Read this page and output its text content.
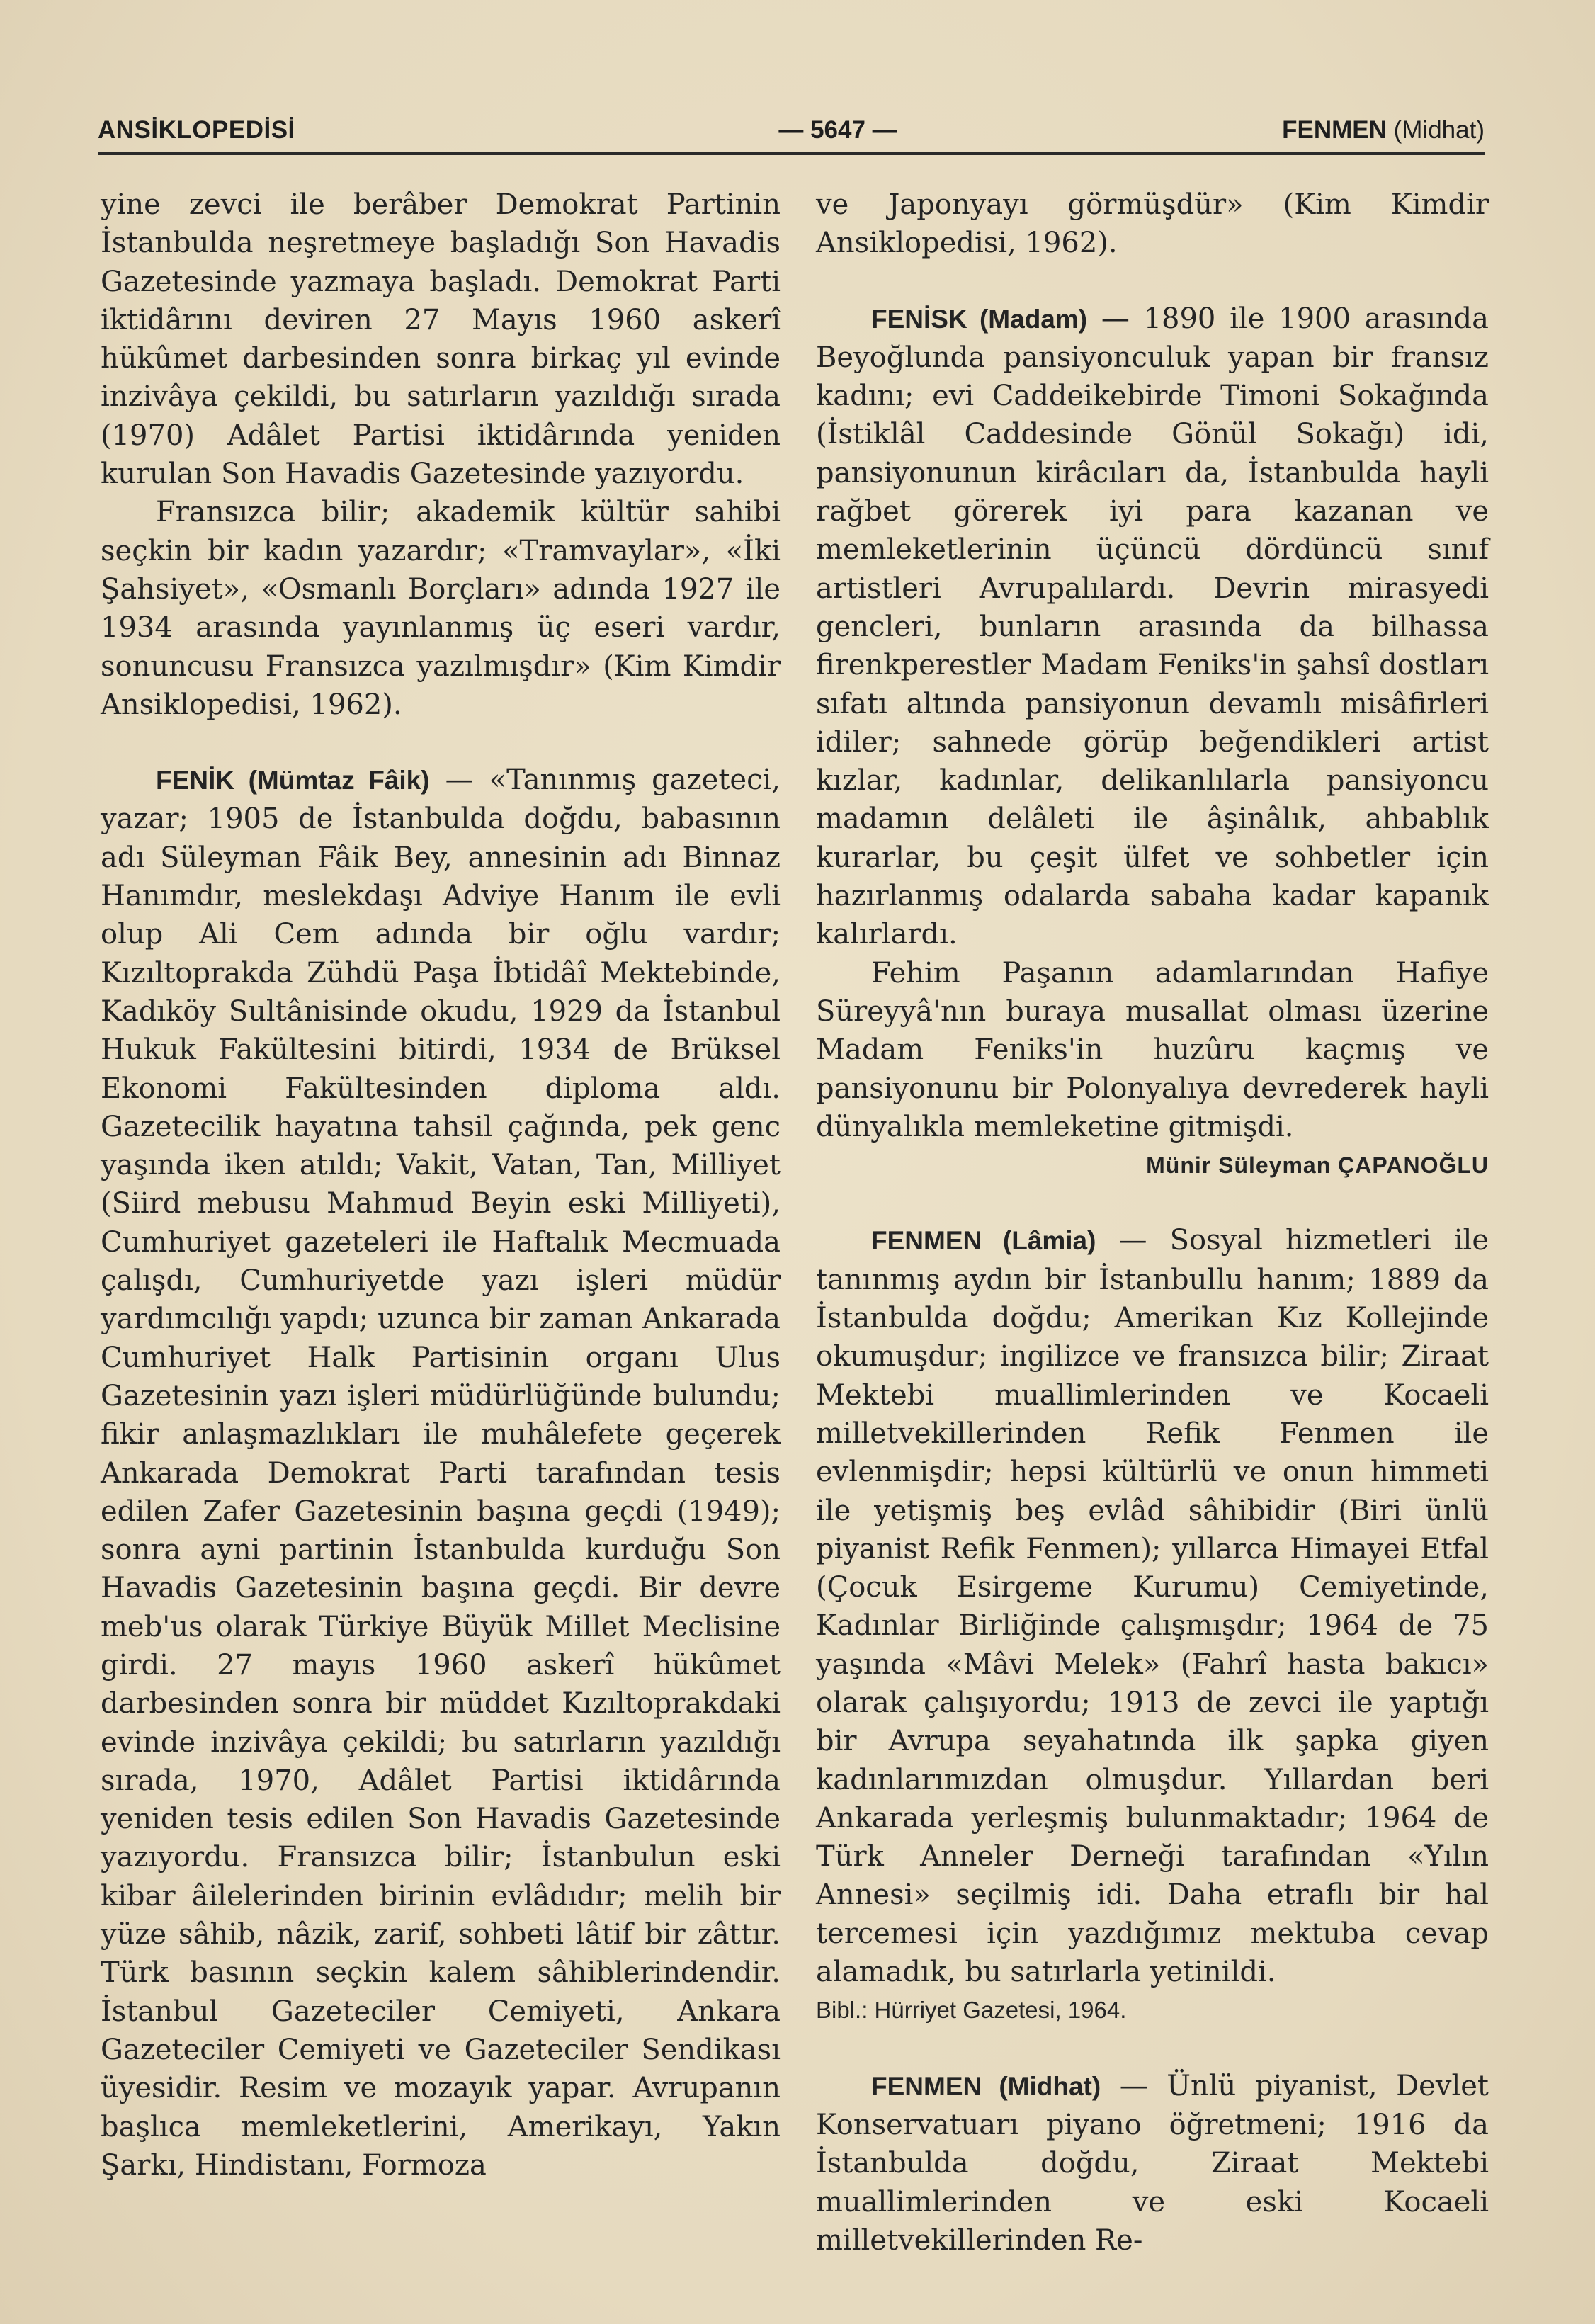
ANSİKLOPEDİSİ	— 5647 —	FENMEN (Midhat)

yine zevci ile berâber Demokrat Partinin İstanbulda neşretmeye başladığı Son Havadis Gazetesinde yazmaya başladı. Demokrat Parti iktidârını deviren 27 Mayıs 1960 askerî hükûmet darbesinden sonra birkaç yıl evinde inzivâya çekildi, bu satırların yazıldığı sırada (1970) Adâlet Partisi iktidârında yeniden kurulan Son Havadis Gazetesinde yazıyordu.

Fransızca bilir; akademik kültür sahibi seçkin bir kadın yazardır; «Tramvaylar», «İki Şahsiyet», «Osmanlı Borçları» adında 1927 ile 1934 arasında yayınlanmış üç eseri vardır, sonuncusu Fransızca yazılmışdır» (Kim Kimdir Ansiklopedisi, 1962).

FENİK (Mümtaz Fâik) — «Tanınmış gazeteci, yazar; 1905 de İstanbulda doğdu, babasının adı Süleyman Fâik Bey, annesinin adı Binnaz Hanımdır, meslekdaşı Adviye Hanım ile evli olup Ali Cem adında bir oğlu vardır; Kızıltoprakda Zühdü Paşa İbtidâî Mektebinde, Kadıköy Sultânisinde okudu, 1929 da İstanbul Hukuk Fakültesini bitirdi, 1934 de Brüksel Ekonomi Fakültesinden diploma aldı. Gazetecilik hayatına tahsil çağında, pek genc yaşında iken atıldı; Vakit, Vatan, Tan, Milliyet (Siird mebusu Mahmud Beyin eski Milliyeti), Cumhuriyet gazeteleri ile Haftalık Mecmuada çalışdı, Cumhuriyetde yazı işleri müdür yardımcılığı yapdı; uzunca bir zaman Ankarada Cumhuriyet Halk Partisinin organı Ulus Gazetesinin yazı işleri müdürlüğünde bulundu; fikir anlaşmazlıkları ile muhâlefete geçerek Ankarada Demokrat Parti tarafından tesis edilen Zafer Gazetesinin başına geçdi (1949); sonra ayni partinin İstanbulda kurduğu Son Havadis Gazetesinin başına geçdi. Bir devre meb'us olarak Türkiye Büyük Millet Meclisine girdi. 27 mayıs 1960 askerî hükûmet darbesinden sonra bir müddet Kızıltoprakdaki evinde inzivâya çekildi; bu satırların yazıldığı sırada, 1970, Adâlet Partisi iktidârında yeniden tesis edilen Son Havadis Gazetesinde yazıyordu. Fransızca bilir; İstanbulun eski kibar âilelerinden birinin evlâdıdır; melih bir yüze sâhib, nâzik, zarif, sohbeti lâtif bir zâttır. Türk basının seçkin kalem sâhiblerindendir. İstanbul Gazeteciler Cemiyeti, Ankara Gazeteciler Cemiyeti ve Gazeteciler Sendikası üyesidir. Resim ve mozayık yapar. Avrupanın başlıca memleketlerini, Amerikayı, Yakın Şarkı, Hindistanı, Formoza

ve Japonyayı görmüşdür» (Kim Kimdir Ansiklopedisi, 1962).

FENİSK (Madam) — 1890 ile 1900 arasında Beyoğlunda pansiyonculuk yapan bir fransız kadını; evi Caddeikebirde Timoni Sokağında (İstiklâl Caddesinde Gönül Sokağı) idi, pansiyonunun kirâcıları da, İstanbulda hayli rağbet görerek iyi para kazanan ve memleketlerinin üçüncü dördüncü sınıf artistleri Avrupalılardı. Devrin mirasyedi gencleri, bunların arasında da bilhassa firenkperestler Madam Feniks'in şahsî dostları sıfatı altında pansiyonun devamlı misâfirleri idiler; sahnede görüp beğendikleri artist kızlar, kadınlar, delikanlılarla pansiyoncu madamın delâleti ile âşinâlık, ahbablık kurarlar, bu çeşit ülfet ve sohbetler için hazırlanmış odalarda sabaha kadar kapanık kalırlardı.

Fehim Paşanın adamlarından Hafiye Süreyyâ'nın buraya musallat olması üzerine Madam Feniks'in huzûru kaçmış ve pansiyonunu bir Polonyalıya devrederek hayli dünyalıkla memleketine gitmişdi.

Münir Süleyman ÇAPANOĞLU

FENMEN (Lâmia) — Sosyal hizmetleri ile tanınmış aydın bir İstanbullu hanım; 1889 da İstanbulda doğdu; Amerikan Kız Kollejinde okumuşdur; ingilizce ve fransızca bilir; Ziraat Mektebi muallimlerinden ve Kocaeli milletvekillerinden Refik Fenmen ile evlenmişdir; hepsi kültürlü ve onun himmeti ile yetişmiş beş evlâd sâhibidir (Biri ünlü piyanist Refik Fenmen); yıllarca Himayei Etfal (Çocuk Esirgeme Kurumu) Cemiyetinde, Kadınlar Birliğinde çalışmışdır; 1964 de 75 yaşında «Mâvi Melek» (Fahrî hasta bakıcı» olarak çalışıyordu; 1913 de zevci ile yaptığı bir Avrupa seyahatında ilk şapka giyen kadınlarımızdan olmuşdur. Yıllardan beri Ankarada yerleşmiş bulunmaktadır; 1964 de Türk Anneler Derneği tarafından «Yılın Annesi» seçilmiş idi. Daha etraflı bir hal tercemesi için yazdığımız mektuba cevap alamadık, bu satırlarla yetinildi.

Bibl.: Hürriyet Gazetesi, 1964.

FENMEN (Midhat) — Ünlü piyanist, Devlet Konservatuarı piyano öğretmeni; 1916 da İstanbulda doğdu, Ziraat Mektebi muallimlerinden ve eski Kocaeli milletvekillerinden Re-
